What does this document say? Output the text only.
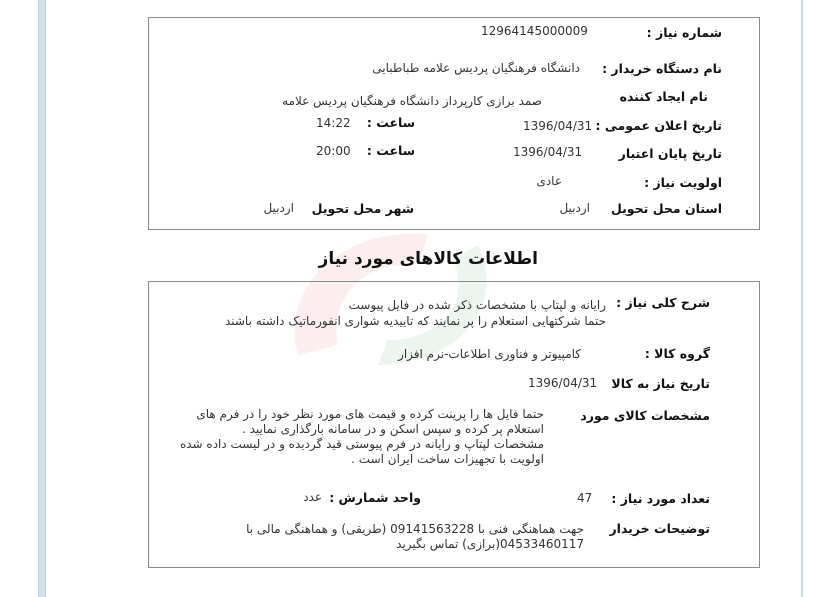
شماره نیاز :
12964145000009
نام دستگاه خریدار :
دانشگاه فرهنگیان پردیس علامه طباطبایی
نام ایجاد کننده
صمد برازی کارپرداز دانشگاه فرهنگیان پردیس علامه
تاریخ اعلان عمومی :
1396/04/31
ساعت :
14:22
تاریخ پایان اعتبار
1396/04/31
ساعت :
20:00
اولویت نیاز :
عادی
استان محل تحویل
اردبیل
شهر محل تحویل
اردبیل
اطلاعات کالاهای مورد نیاز
شرح کلی نیاز :
رایانه و لپتاپ با مشخصات ذکر شده در فایل پیوست
حتما شرکتهایی استعلام را پر نمایند که تاییدیه شواری انفورماتیک داشته باشند
گروه کالا :
کامپیوتر و فناوری اطلاعات-نرم افزار
تاریخ نیاز به کالا
1396/04/31
مشخصات کالای مورد
حتما فایل ها را پرینت کرده و قیمت های مورد نظر خود را در فرم های
استعلام پر کرده و سپس اسکن و در سامانه بارگذاری نمایید .
مشخصات لپتاپ و رایانه در فرم پیوستی قید گردیده و در لیست داده شده
اولویت با تجهیزات ساخت ایران است .
تعداد مورد نیاز :
47
واحد شمارش :
عدد
توضیحات خریدار
جهت هماهنگی فنی با 09141563228 (طریقی) و هماهنگی مالی با
04533460117(برازی) تماس بگیرید
